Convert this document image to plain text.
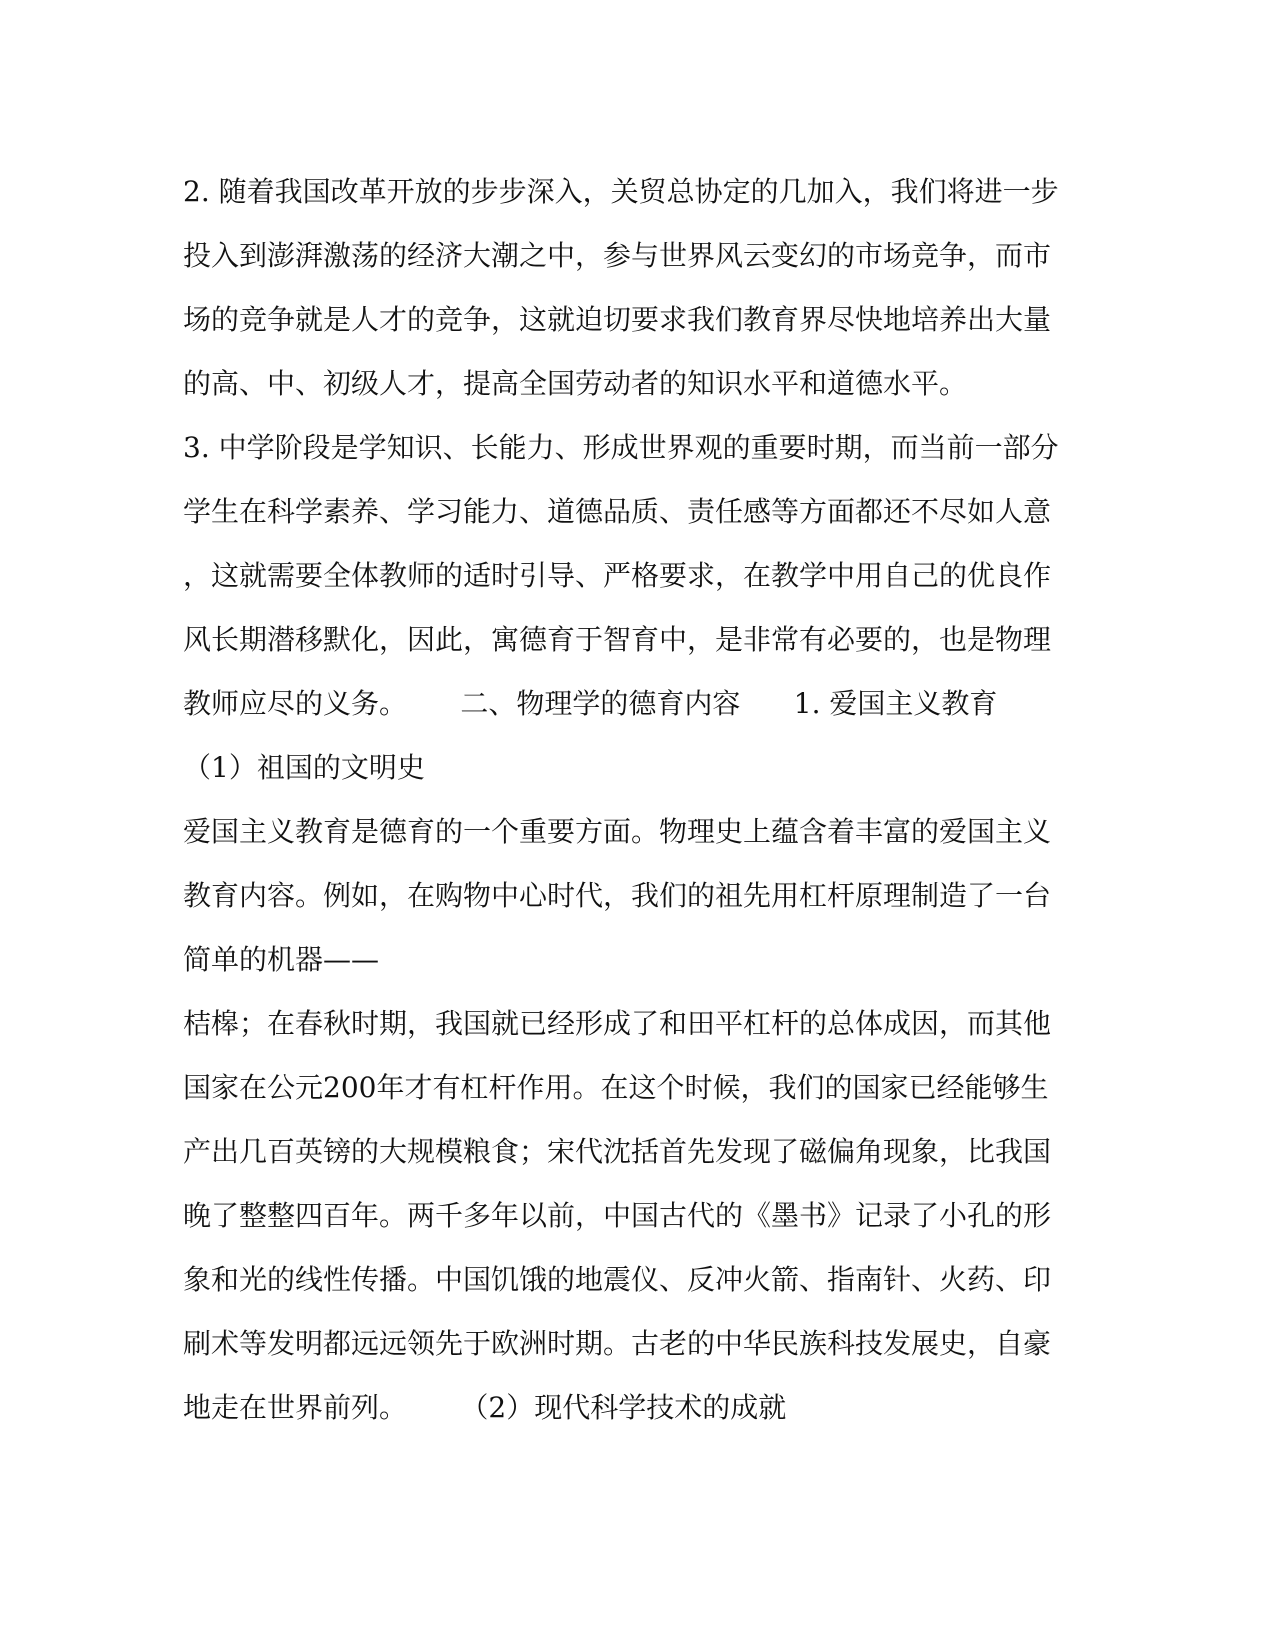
2. 随着我国改革开放的步步深入，关贸总协定的几加入，我们将进一步
投入到澎湃激荡的经济大潮之中，参与世界风云变幻的市场竞争，而市
场的竞争就是人才的竞争，这就迫切要求我们教育界尽快地培养出大量
的高、中、初级人才，提高全国劳动者的知识水平和道德水平。
3. 中学阶段是学知识、长能力、形成世界观的重要时期，而当前一部分
学生在科学素养、学习能力、道德品质、责任感等方面都还不尽如人意
，这就需要全体教师的适时引导、严格要求，在教学中用自己的优良作
风长期潜移默化，因此，寓德育于智育中，是非常有必要的，也是物理
教师应尽的义务。      二、物理学的德育内容      1. 爱国主义教育
（1）祖国的文明史
爱国主义教育是德育的一个重要方面。物理史上蕴含着丰富的爱国主义
教育内容。例如，在购物中心时代，我们的祖先用杠杆原理制造了一台
简单的机器——
桔槔；在春秋时期，我国就已经形成了和田平杠杆的总体成因，而其他
国家在公元200年才有杠杆作用。在这个时候，我们的国家已经能够生
产出几百英镑的大规模粮食；宋代沈括首先发现了磁偏角现象，比我国
晚了整整四百年。两千多年以前，中国古代的《墨书》记录了小孔的形
象和光的线性传播。中国饥饿的地震仪、反冲火箭、指南针、火药、印
刷术等发明都远远领先于欧洲时期。古老的中华民族科技发展史，自豪
地走在世界前列。      （2）现代科学技术的成就
